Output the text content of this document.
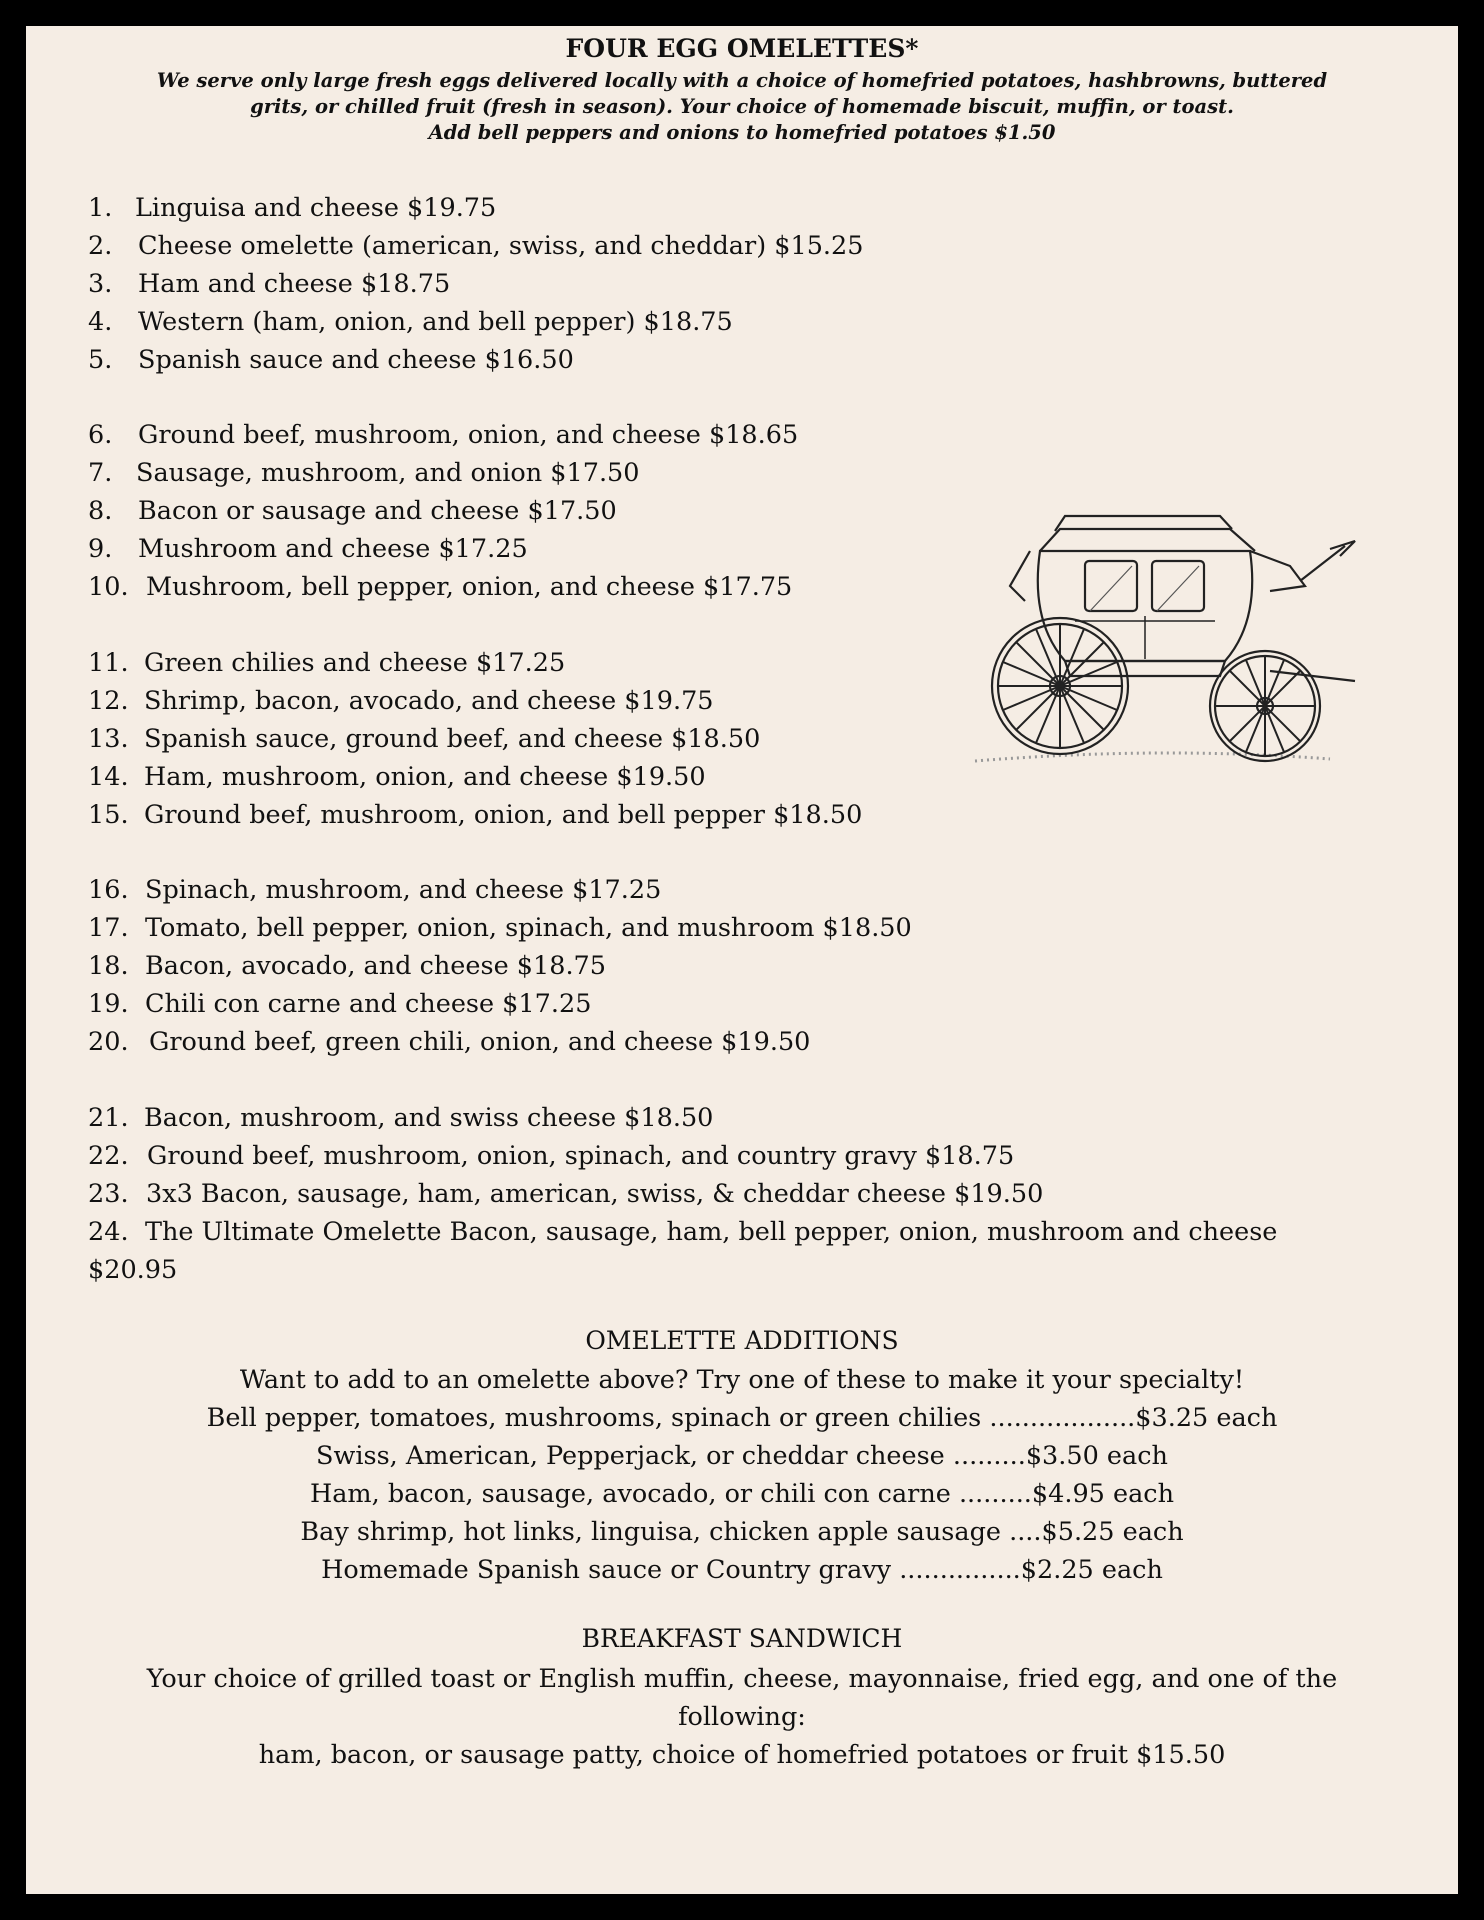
FOUR EGG OMELETTES*
We serve only large fresh eggs delivered locally with a choice of homefried potatoes, hashbrowns, buttered
grits, or chilled fruit (fresh in season). Your choice of homemade biscuit, muffin, or toast.
Add bell peppers and onions to homefried potatoes $1.50
1. Linguisa and cheese $19.75
2. Cheese omelette (american, swiss, and cheddar) $15.25
3. Ham and cheese $18.75
4. Western (ham, onion, and bell pepper) $18.75
5. Spanish sauce and cheese $16.50
6. Ground beef, mushroom, onion, and cheese $18.65
7. Sausage, mushroom, and onion $17.50
8. Bacon or sausage and cheese $17.50
9. Mushroom and cheese $17.25
10. Mushroom, bell pepper, onion, and cheese $17.75
11. Green chilies and cheese $17.25
12. Shrimp, bacon, avocado, and cheese $19.75
13. Spanish sauce, ground beef, and cheese $18.50
14. Ham, mushroom, onion, and cheese $19.50
15. Ground beef, mushroom, onion, and bell pepper $18.50
16. Spinach, mushroom, and cheese $17.25
17. Tomato, bell pepper, onion, spinach, and mushroom $18.50
18. Bacon, avocado, and cheese $18.75
19. Chili con carne and cheese $17.25
20. Ground beef, green chili, onion, and cheese $19.50
21. Bacon, mushroom, and swiss cheese $18.50
22. Ground beef, mushroom, onion, spinach, and country gravy $18.75
23. 3x3 Bacon, sausage, ham, american, swiss, & cheddar cheese $19.50
24. The Ultimate Omelette Bacon, sausage, ham, bell pepper, onion, mushroom and cheese
$20.95
OMELETTE ADDITIONS
Want to add to an omelette above? Try one of these to make it your specialty!
Bell pepper, tomatoes, mushrooms, spinach or green chilies ..................$3.25 each
Swiss, American, Pepperjack, or cheddar cheese .........$3.50 each
Ham, bacon, sausage, avocado, or chili con carne .........$4.95 each
Bay shrimp, hot links, linguisa, chicken apple sausage ....$5.25 each
Homemade Spanish sauce or Country gravy ...............$2.25 each
BREAKFAST SANDWICH
Your choice of grilled toast or English muffin, cheese, mayonnaise, fried egg, and one of the following:
ham, bacon, or sausage patty, choice of homefried potatoes or fruit $15.50
